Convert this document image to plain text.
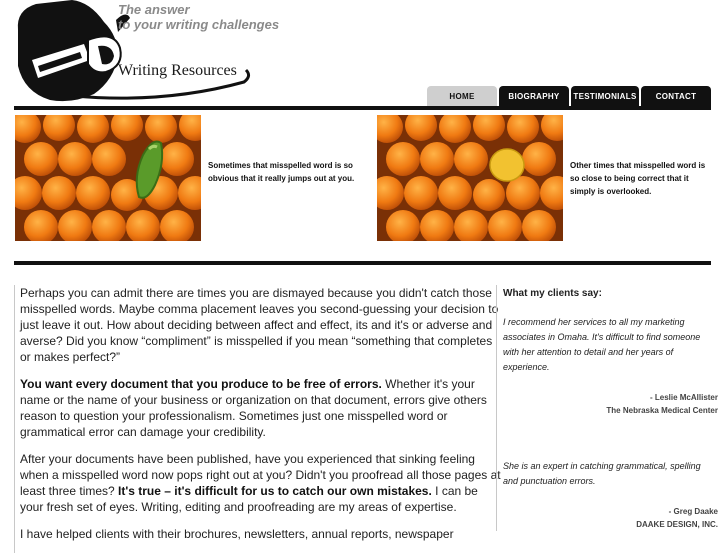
The answer
to your writing challenges
Writing Resources
HOME	BIOGRAPHY	TESTIMONIALS	CONTACT
Sometimes that misspelled word is so obvious that it really jumps out at you.
Other times that misspelled word is so close to being correct that it simply is overlooked.

Perhaps you can admit there are times you are dismayed because you didn't catch those misspelled words. Maybe comma placement leaves you second-guessing your decision to just leave it out. How about deciding between affect and effect, its and it's or adverse and averse? Did you know “compliment” is misspelled if you mean “something that completes or makes perfect?”

You want every document that you produce to be free of errors. Whether it's your name or the name of your business or organization on that document, errors give others reason to question your professionalism. Sometimes just one misspelled word or grammatical error can damage your credibility.

After your documents have been published, have you experienced that sinking feeling when a misspelled word now pops right out at you? Didn't you proofread all those pages at least three times? It's true – it's difficult for us to catch our own mistakes. I can be your fresh set of eyes. Writing, editing and proofreading are my areas of expertise.

I have helped clients with their brochures, newsletters, annual reports, newspaper

What my clients say:
I recommend her services to all my marketing associates in Omaha. It's difficult to find someone with her attention to detail and her years of experience.
- Leslie McAllister
The Nebraska Medical Center
She is an expert in catching grammatical, spelling and punctuation errors.
- Greg Daake
DAAKE DESIGN, INC.
